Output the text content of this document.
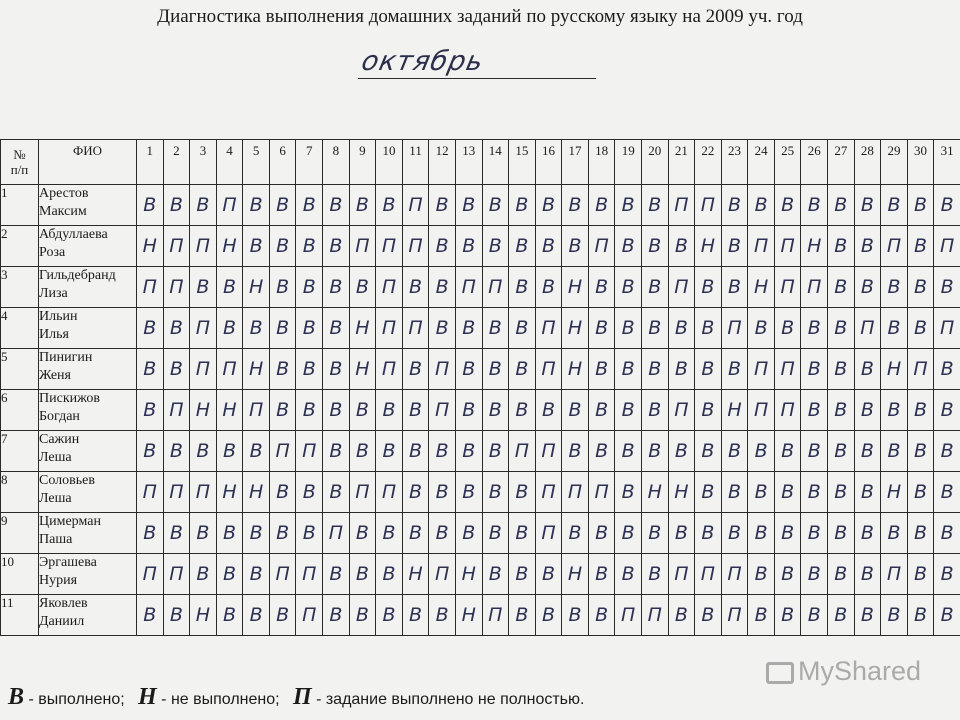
Диагностика выполнения домашних заданий по русскому языку на 2009 уч. год
октябрь
№
п/п	ФИО	1	2	3	4	5	6	7	8	9	10	11	12	13	14	15	16	17	18	19	20	21	22	23	24	25	26	27	28	29	30	31
1	Арестов
Максим	В	В	В	П	В	В	В	В	В	В	П	В	В	В	В	В	В	В	В	В	П	П	В	В	В	В	В	В	В	В	В
2	Абдуллаева
Роза	Н	П	П	Н	В	В	В	В	П	П	П	В	В	В	В	В	В	П	В	В	В	Н	В	П	П	Н	В	В	П	В	П
3	Гильдебранд
Лиза	П	П	В	В	Н	В	В	В	В	П	В	В	П	П	В	В	Н	В	В	В	П	В	В	Н	П	П	В	В	В	В	В
4	Ильин
Илья	В	В	П	В	В	В	В	В	Н	П	П	В	В	В	В	П	Н	В	В	В	В	В	П	В	В	В	В	П	В	В	П
5	Пинигин
Женя	В	В	П	П	Н	В	В	В	Н	П	В	П	В	В	В	П	Н	В	В	В	В	В	В	П	П	В	В	В	Н	П	В
6	Пискижов
Богдан	В	П	Н	Н	П	В	В	В	В	В	В	П	В	В	В	В	В	В	В	В	П	В	Н	П	П	В	В	В	В	В	В
7	Сажин
Леша	В	В	В	В	В	П	П	В	В	В	В	В	В	В	П	П	В	В	В	В	В	В	В	В	В	В	В	В	В	В	В
8	Соловьев
Леша	П	П	П	Н	Н	В	В	В	П	П	В	В	В	В	В	П	П	П	В	Н	Н	В	В	В	В	В	В	В	Н	В	В
9	Цимерман
Паша	В	В	В	В	В	В	В	П	В	В	В	В	В	В	В	П	В	В	В	В	В	В	В	В	В	В	В	В	В	В	В
10	Эргашева
Нурия	П	П	В	В	В	П	П	В	В	В	Н	П	Н	В	В	В	Н	В	В	В	П	П	П	В	В	В	В	В	П	В	В
11	Яковлев
Даниил	В	В	Н	В	В	В	П	В	В	В	В	В	Н	П	В	В	В	В	П	П	В	В	П	В	В	В	В	В	В	В	В
В - выполнено; Н - не выполнено; П - задание выполнено не полностью.
MyShared
